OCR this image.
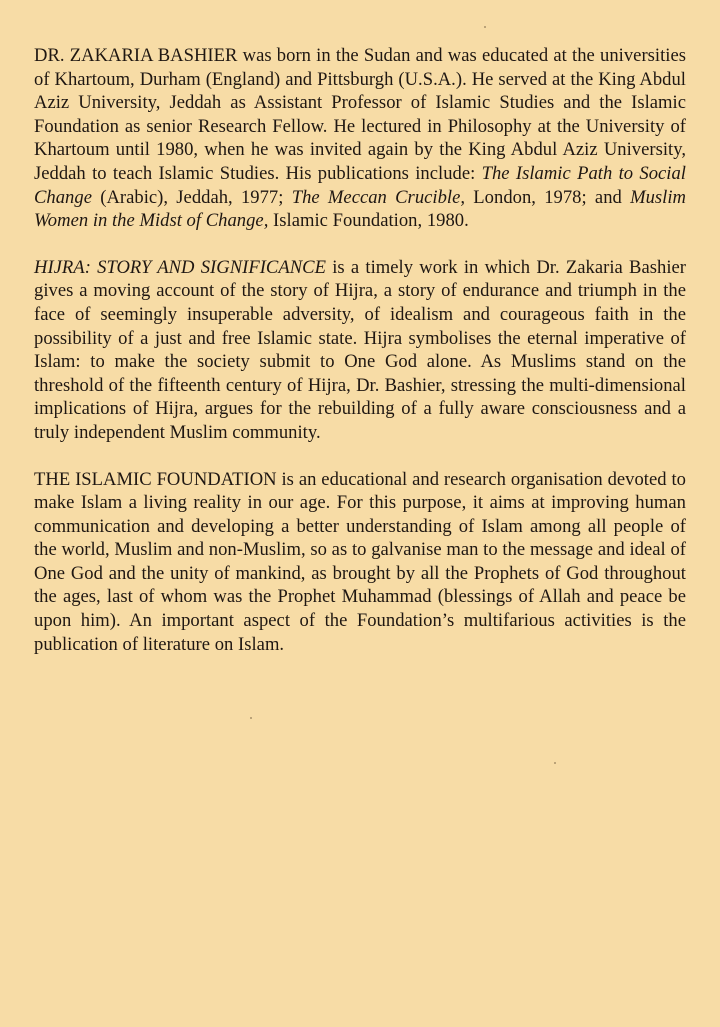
DR. ZAKARIA BASHIER was born in the Sudan and was educated at the universities of Khartoum, Durham (England) and Pittsburgh (U.S.A.). He served at the King Abdul Aziz University, Jeddah as Assistant Professor of Islamic Studies and the Islamic Foundation as senior Research Fellow. He lectured in Philosophy at the University of Khartoum until 1980, when he was invited again by the King Abdul Aziz University, Jeddah to teach Islamic Studies. His publications include: The Islamic Path to Social Change (Arabic), Jeddah, 1977; The Meccan Crucible, London, 1978; and Muslim Women in the Midst of Change, Islamic Foundation, 1980.

HIJRA: STORY AND SIGNIFICANCE is a timely work in which Dr. Zakaria Bashier gives a moving account of the story of Hijra, a story of endurance and triumph in the face of seemingly insuperable adversity, of idealism and courageous faith in the possibility of a just and free Islamic state. Hijra symbolises the eternal imperative of Islam: to make the society submit to One God alone. As Muslims stand on the threshold of the fifteenth century of Hijra, Dr. Bashier, stressing the multi-dimensional implications of Hijra, argues for the rebuilding of a fully aware consciousness and a truly independent Muslim community.

THE ISLAMIC FOUNDATION is an educational and research organisation devoted to make Islam a living reality in our age. For this purpose, it aims at improving human communication and developing a better understanding of Islam among all people of the world, Muslim and non-Muslim, so as to galvanise man to the message and ideal of One God and the unity of mankind, as brought by all the Prophets of God throughout the ages, last of whom was the Prophet Muhammad (blessings of Allah and peace be upon him). An important aspect of the Foundation’s multifarious activities is the publication of literature on Islam.
